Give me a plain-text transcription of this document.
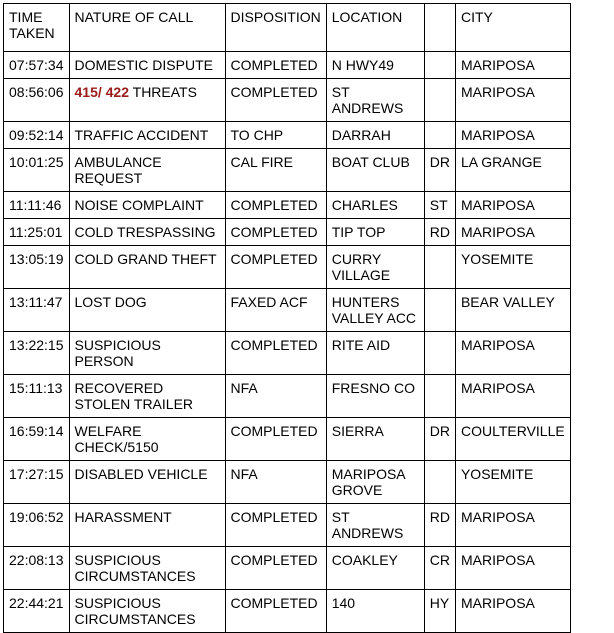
TIME TAKEN	NATURE OF CALL	DISPOSITION	LOCATION		CITY
07:57:34	DOMESTIC DISPUTE	COMPLETED	N HWY49		MARIPOSA
08:56:06	415/ 422 THREATS	COMPLETED	ST ANDREWS		MARIPOSA
09:52:14	TRAFFIC ACCIDENT	TO CHP	DARRAH		MARIPOSA
10:01:25	AMBULANCE REQUEST	CAL FIRE	BOAT CLUB	DR	LA GRANGE
11:11:46	NOISE COMPLAINT	COMPLETED	CHARLES	ST	MARIPOSA
11:25:01	COLD TRESPASSING	COMPLETED	TIP TOP	RD	MARIPOSA
13:05:19	COLD GRAND THEFT	COMPLETED	CURRY VILLAGE		YOSEMITE
13:11:47	LOST DOG	FAXED ACF	HUNTERS VALLEY ACC		BEAR VALLEY
13:22:15	SUSPICIOUS PERSON	COMPLETED	RITE AID		MARIPOSA
15:11:13	RECOVERED STOLEN TRAILER	NFA	FRESNO CO		MARIPOSA
16:59:14	WELFARE CHECK/5150	COMPLETED	SIERRA	DR	COULTERVILLE
17:27:15	DISABLED VEHICLE	NFA	MARIPOSA GROVE		YOSEMITE
19:06:52	HARASSMENT	COMPLETED	ST ANDREWS	RD	MARIPOSA
22:08:13	SUSPICIOUS CIRCUMSTANCES	COMPLETED	COAKLEY	CR	MARIPOSA
22:44:21	SUSPICIOUS CIRCUMSTANCES	COMPLETED	140	HY	MARIPOSA
